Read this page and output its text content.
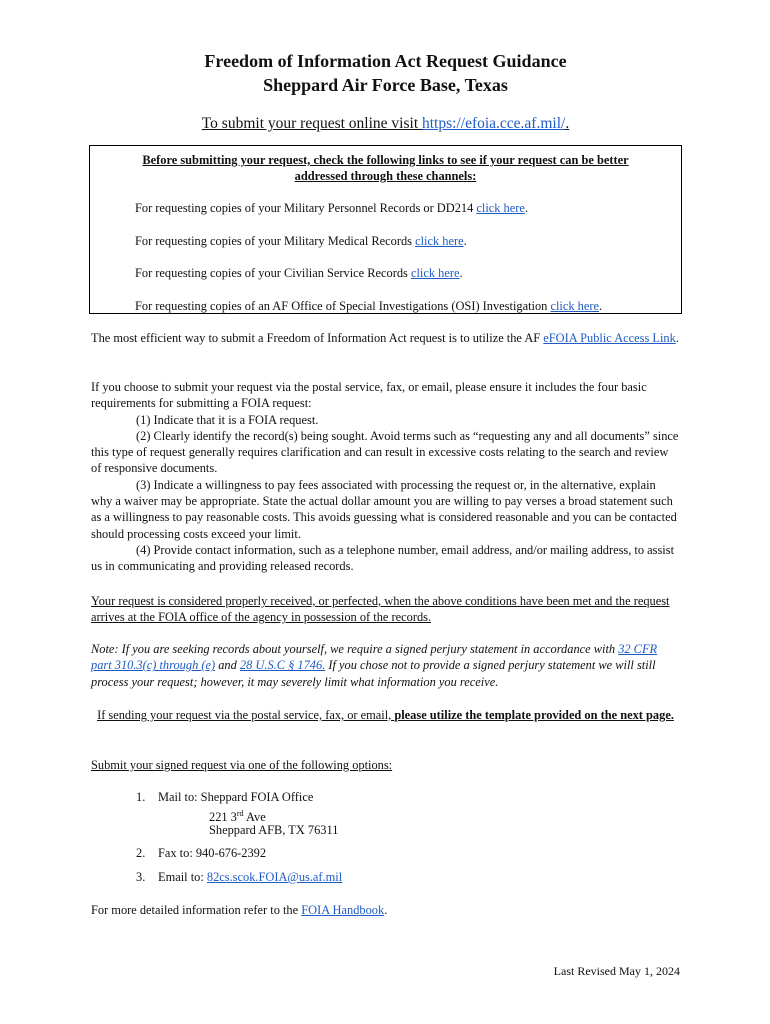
Freedom of Information Act Request Guidance
Sheppard Air Force Base, Texas
To submit your request online visit https://efoia.cce.af.mil/.
Before submitting your request, check the following links to see if your request can be better
addressed through these channels:
For requesting copies of your Military Personnel Records or DD214 click here.
For requesting copies of your Military Medical Records click here.
For requesting copies of your Civilian Service Records click here.
For requesting copies of an AF Office of Special Investigations (OSI) Investigation click here.
The most efficient way to submit a Freedom of Information Act request is to utilize the AF eFOIA Public Access Link.
If you choose to submit your request via the postal service, fax, or email, please ensure it includes the four basic requirements for submitting a FOIA request:
(1) Indicate that it is a FOIA request.
(2) Clearly identify the record(s) being sought. Avoid terms such as “requesting any and all documents” since this type of request generally requires clarification and can result in excessive costs relating to the search and review of responsive documents.
(3) Indicate a willingness to pay fees associated with processing the request or, in the alternative, explain why a waiver may be appropriate. State the actual dollar amount you are willing to pay verses a broad statement such as a willingness to pay reasonable costs. This avoids guessing what is considered reasonable and you can be contacted should processing costs exceed your limit.
(4) Provide contact information, such as a telephone number, email address, and/or mailing address, to assist us in communicating and providing released records.
Your request is considered properly received, or perfected, when the above conditions have been met and the request arrives at the FOIA office of the agency in possession of the records.
Note: If you are seeking records about yourself, we require a signed perjury statement in accordance with 32 CFR part 310.3(c) through (e) and 28 U.S.C § 1746. If you chose not to provide a signed perjury statement we will still process your request; however, it may severely limit what information you receive.
If sending your request via the postal service, fax, or email, please utilize the template provided on the next page.
Submit your signed request via one of the following options:
1. Mail to: Sheppard FOIA Office
221 3rd Ave
Sheppard AFB, TX 76311
2. Fax to: 940-676-2392
3. Email to: 82cs.scok.FOIA@us.af.mil
For more detailed information refer to the FOIA Handbook.
Last Revised May 1, 2024
